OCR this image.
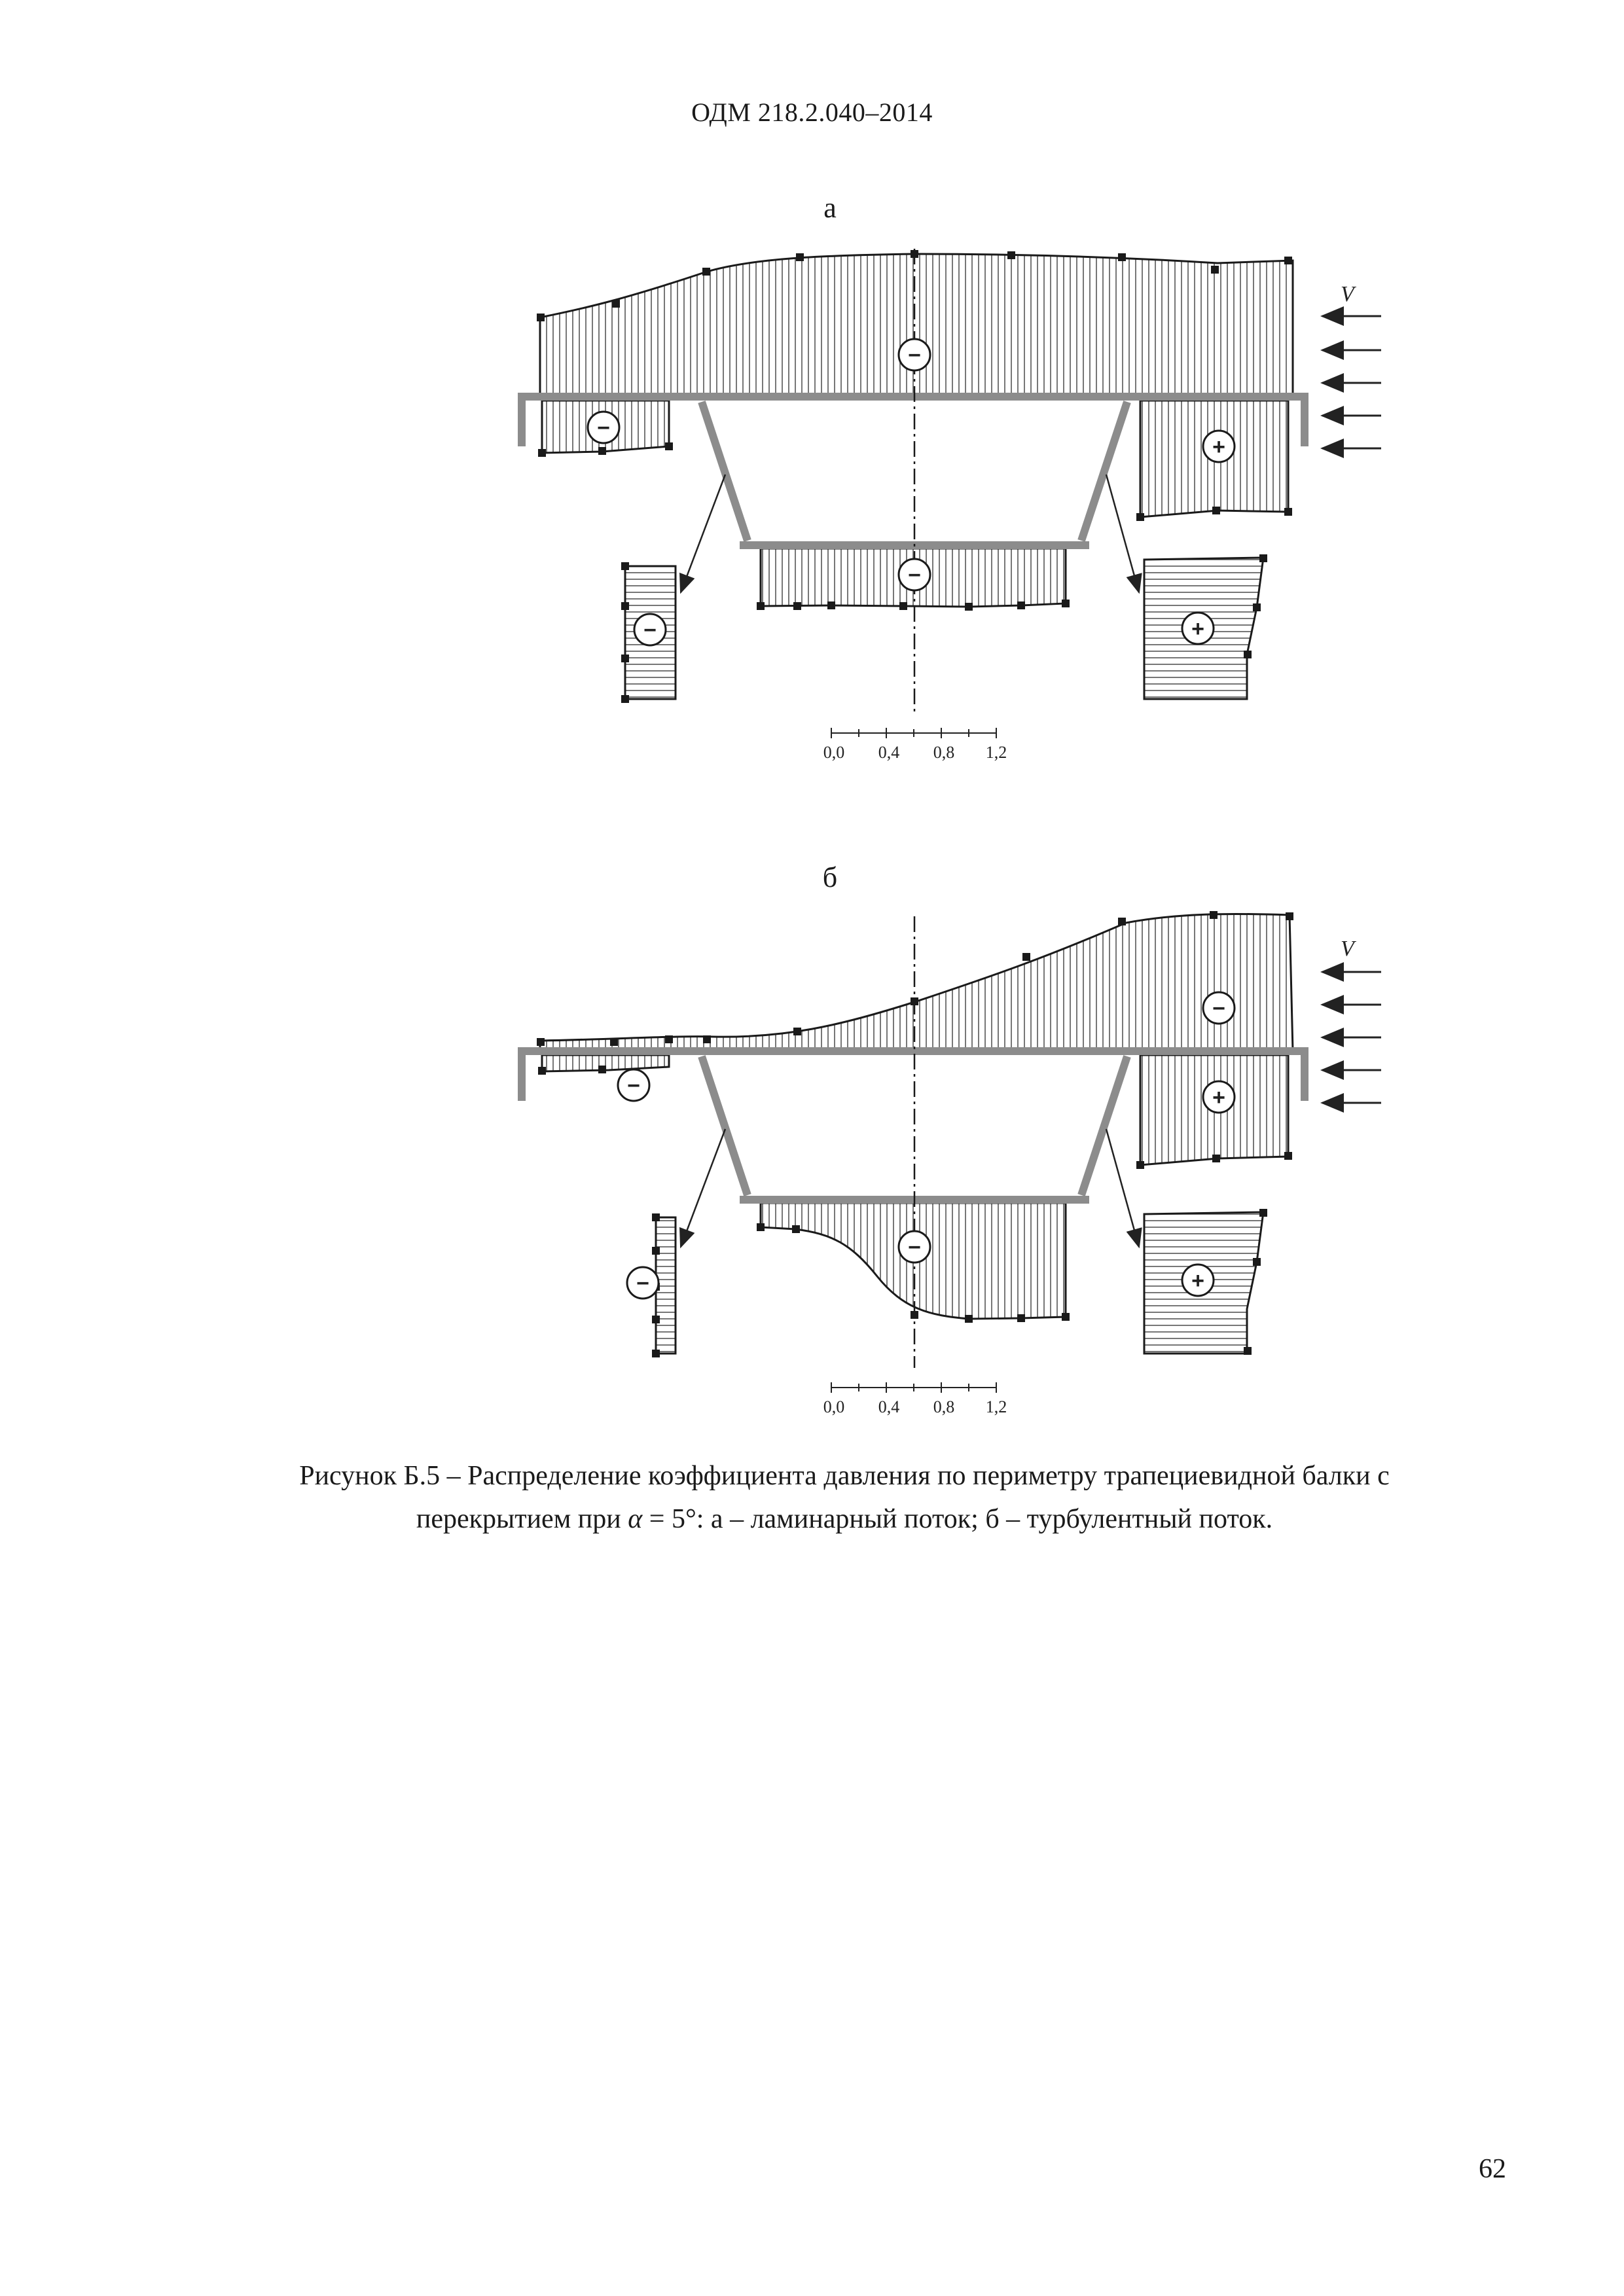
ОДМ 218.2.040–2014
а
V
−
−
+
−
−	+
0,0 0,4 0,8 1,2
б
V
−
+
−
−
−	+
0,0 0,4 0,8 1,2
Рисунок Б.5 – Распределение коэффициента давления по периметру трапециевидной балки с
перекрытием при α = 5°: а – ламинарный поток; б – турбулентный поток.
62
